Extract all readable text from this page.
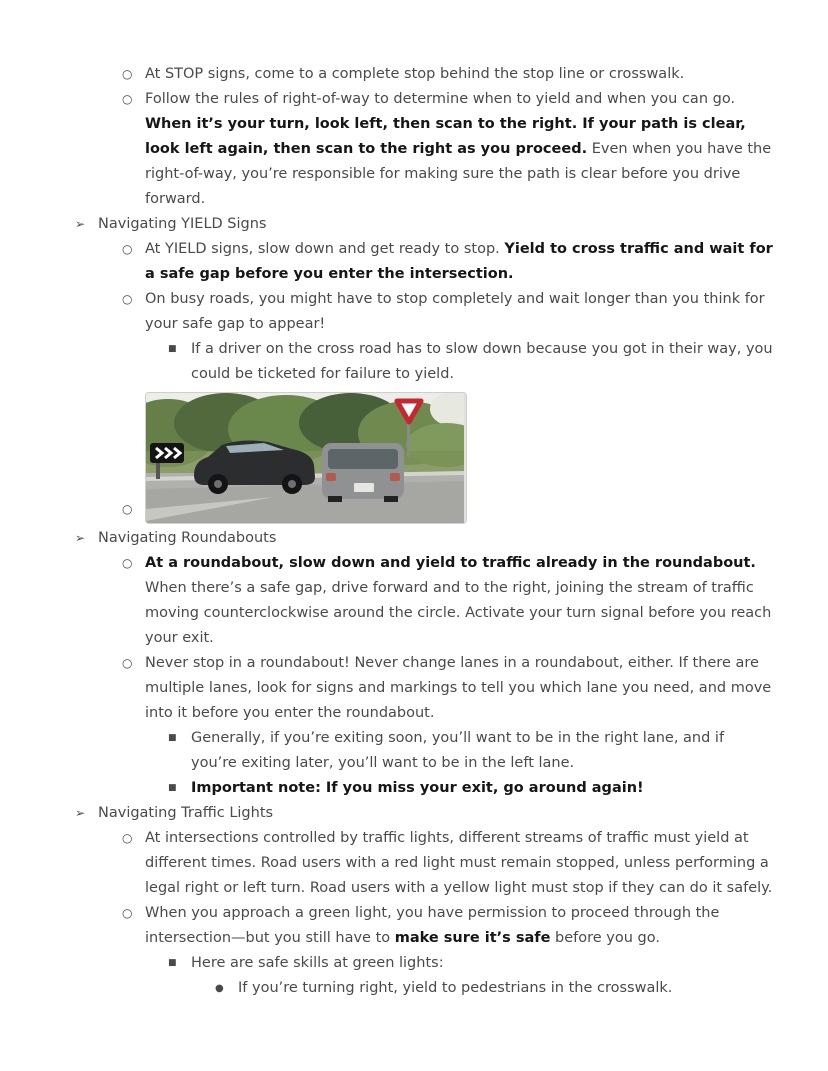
○ At STOP signs, come to a complete stop behind the stop line or crosswalk.
○ Follow the rules of right-of-way to determine when to yield and when you can go. When it’s your turn, look left, then scan to the right. If your path is clear, look left again, then scan to the right as you proceed. Even when you have the right-of-way, you’re responsible for making sure the path is clear before you drive forward.
➢ Navigating YIELD Signs
○ At YIELD signs, slow down and get ready to stop. Yield to cross traffic and wait for a safe gap before you enter the intersection.
○ On busy roads, you might have to stop completely and wait longer than you think for your safe gap to appear!
■ If a driver on the cross road has to slow down because you got in their way, you could be ticketed for failure to yield.
○
➢ Navigating Roundabouts
○ At a roundabout, slow down and yield to traffic already in the roundabout. When there’s a safe gap, drive forward and to the right, joining the stream of traffic moving counterclockwise around the circle. Activate your turn signal before you reach your exit.
○ Never stop in a roundabout! Never change lanes in a roundabout, either. If there are multiple lanes, look for signs and markings to tell you which lane you need, and move into it before you enter the roundabout.
■ Generally, if you’re exiting soon, you’ll want to be in the right lane, and if you’re exiting later, you’ll want to be in the left lane.
■ Important note: If you miss your exit, go around again!
➢ Navigating Traffic Lights
○ At intersections controlled by traffic lights, different streams of traffic must yield at different times. Road users with a red light must remain stopped, unless performing a legal right or left turn. Road users with a yellow light must stop if they can do it safely.
○ When you approach a green light, you have permission to proceed through the intersection—but you still have to make sure it’s safe before you go.
■ Here are safe skills at green lights:
● If you’re turning right, yield to pedestrians in the crosswalk.
